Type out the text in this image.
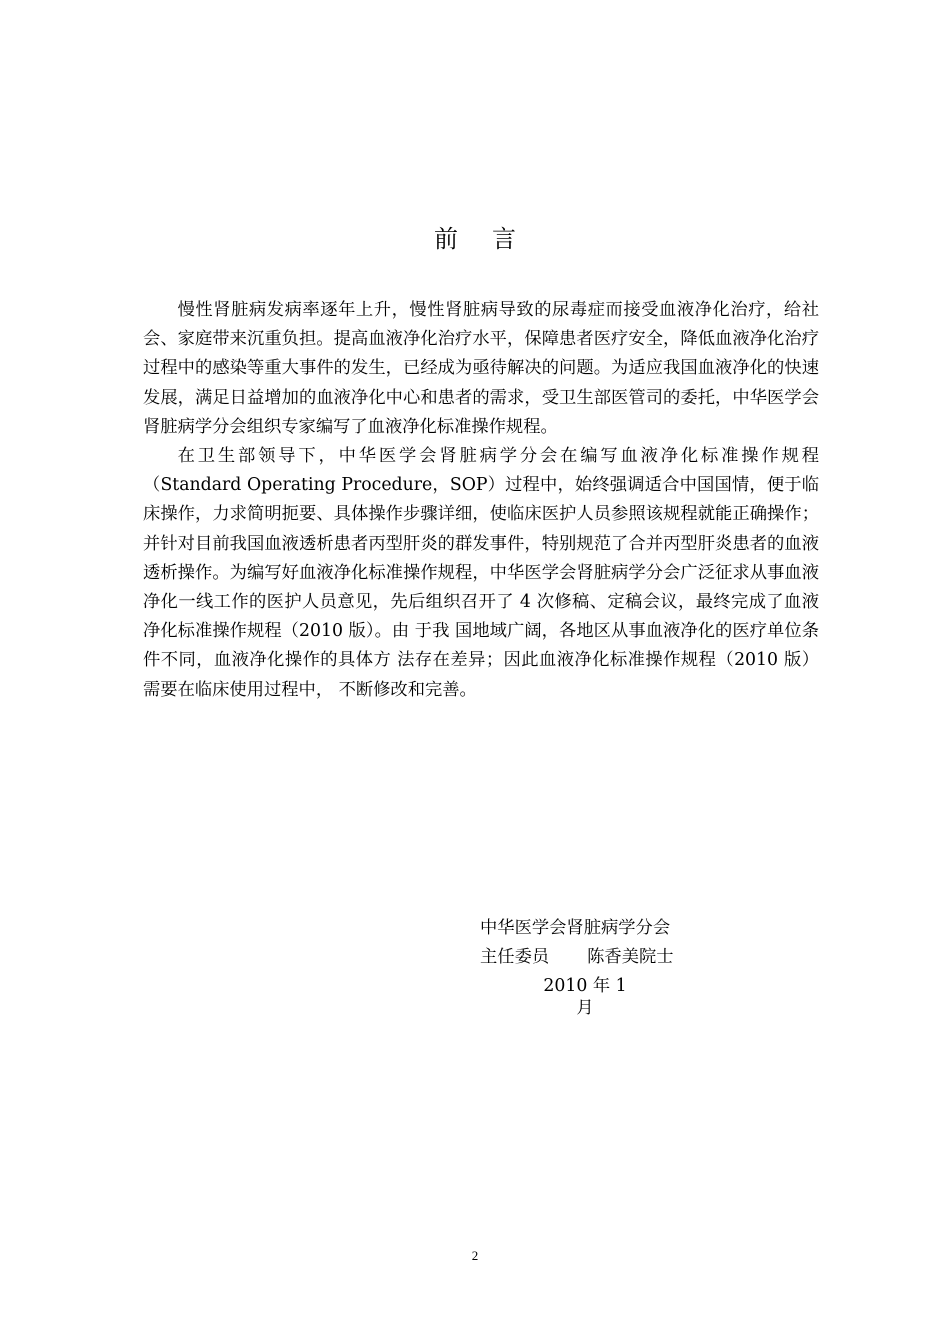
前 言

慢性肾脏病发病率逐年上升，慢性肾脏病导致的尿毒症而接受血液净化治疗，给社会、家庭带来沉重负担。提高血液净化治疗水平，保障患者医疗安全，降低血液净化治疗过程中的感染等重大事件的发生，已经成为亟待解决的问题。为适应我国血液净化的快速发展，满足日益增加的血液净化中心和患者的需求，受卫生部医管司的委托，中华医学会肾脏病学分会组织专家编写了血液净化标准操作规程。

在卫生部领导下，中华医学会肾脏病学分会在编写血液净化标准操作规程（Standard Operating Procedure，SOP）过程中，始终强调适合中国国情，便于临床操作，力求简明扼要、具体操作步骤详细，使临床医护人员参照该规程就能正确操作；并针对目前我国血液透析患者丙型肝炎的群发事件，特别规范了合并丙型肝炎患者的血液透析操作。为编写好血液净化标准操作规程，中华医学会肾脏病学分会广泛征求从事血液净化一线工作的医护人员意见，先后组织召开了 4 次修稿、定稿会议，最终完成了血液净化标准操作规程（2010 版）。由 于我 国地域广阔，各地区从事血液净化的医疗单位条件不同，血液净化操作的具体方 法存在差异；因此血液净化标准操作规程（2010 版）需要在临床使用过程中， 不断修改和完善。

中华医学会肾脏病学分会
主任委员 陈香美院士
2010 年 1
月
2
